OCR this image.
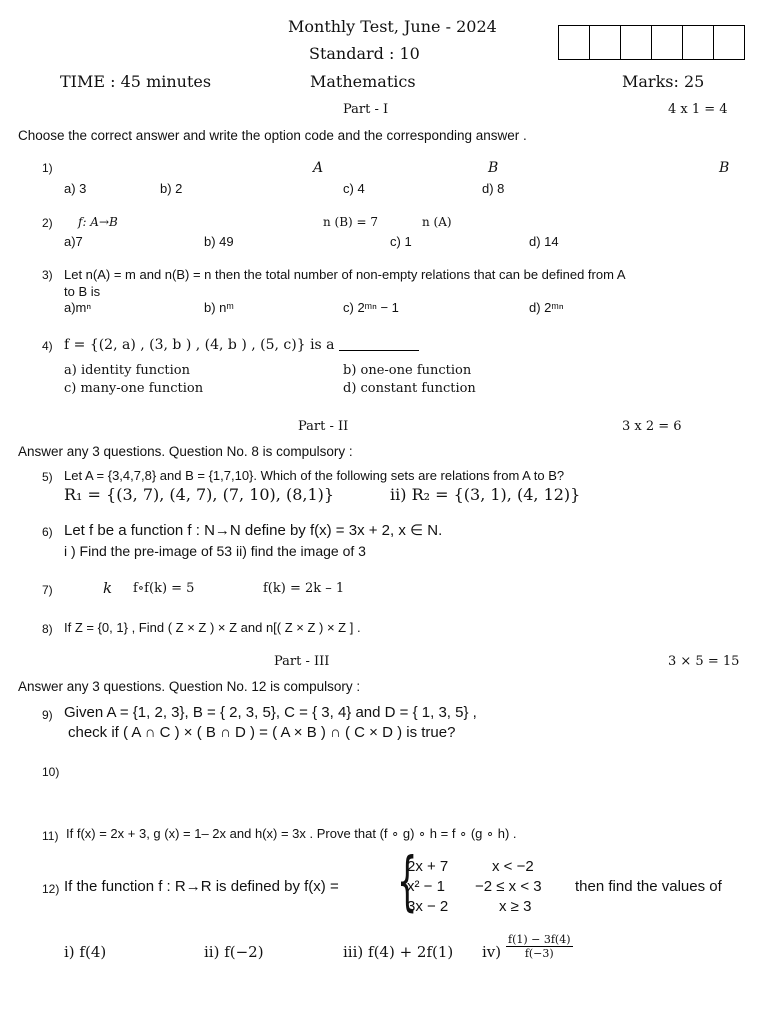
Monthly Test, June - 2024
Standard : 10
TIME : 45 minutes	Mathematics	Marks: 25
Part - I	4 x 1 = 4
Choose the correct answer and write the option code and the corresponding answer .
1)	A	B	B
a) 3	b) 2	c) 4	d) 8
2) f: A→B	n (B) = 7	n (A)
a)7	b) 49	c) 1	d) 14
3) Let n(A) = m and n(B) = n then the total number of non-empty relations that can be defined from A
to B is
a)mⁿ	b) nᵐ	c) 2ᵐⁿ − 1	d) 2ᵐⁿ
4) f = {(2, a) , (3, b ) , (4, b ) , (5, c)} is a
a) identity function	b) one-one function
c) many-one function	d) constant function
Part - II	3 x 2 = 6
Answer any 3 questions. Question No. 8 is compulsory :
5) Let A = {3,4,7,8} and B = {1,7,10}. Which of the following sets are relations from A to B?
R₁ = {(3, 7), (4, 7), (7, 10), (8,1)}	ii) R₂ = {(3, 1), (4, 12)}
6) Let f be a function f : N→N define by f(x) = 3x + 2, x ∈ N.
i ) Find the pre-image of 53 ii) find the image of 3
7)	k f∘f(k) = 5	f(k) = 2k – 1
8) If Z = {0, 1} , Find ( Z × Z ) × Z and n[( Z × Z ) × Z ] .
Part - III	3 × 5 = 15
Answer any 3 questions. Question No. 12 is compulsory :
9) Given A = {1, 2, 3}, B = { 2, 3, 5}, C = { 3, 4} and D = { 1, 3, 5} ,
check if ( A ∩ C ) × ( B ∩ D ) = ( A × B ) ∩ ( C × D ) is true?
10)
11) If f(x) = 2x + 3, g (x) = 1– 2x and h(x) = 3x . Prove that (f ∘ g) ∘ h = f ∘ (g ∘ h) .
12) If the function f : R→R is defined by f(x) = {
2x + 7	x < −2
x² − 1 −2 ≤ x < 3
3x − 2	x ≥ 3
then find the values of
i) f(4)	ii) f(−2)	iii) f(4) + 2f(1) $iv) \frac{f(1) - 3f(4)}{f(-3)}$
